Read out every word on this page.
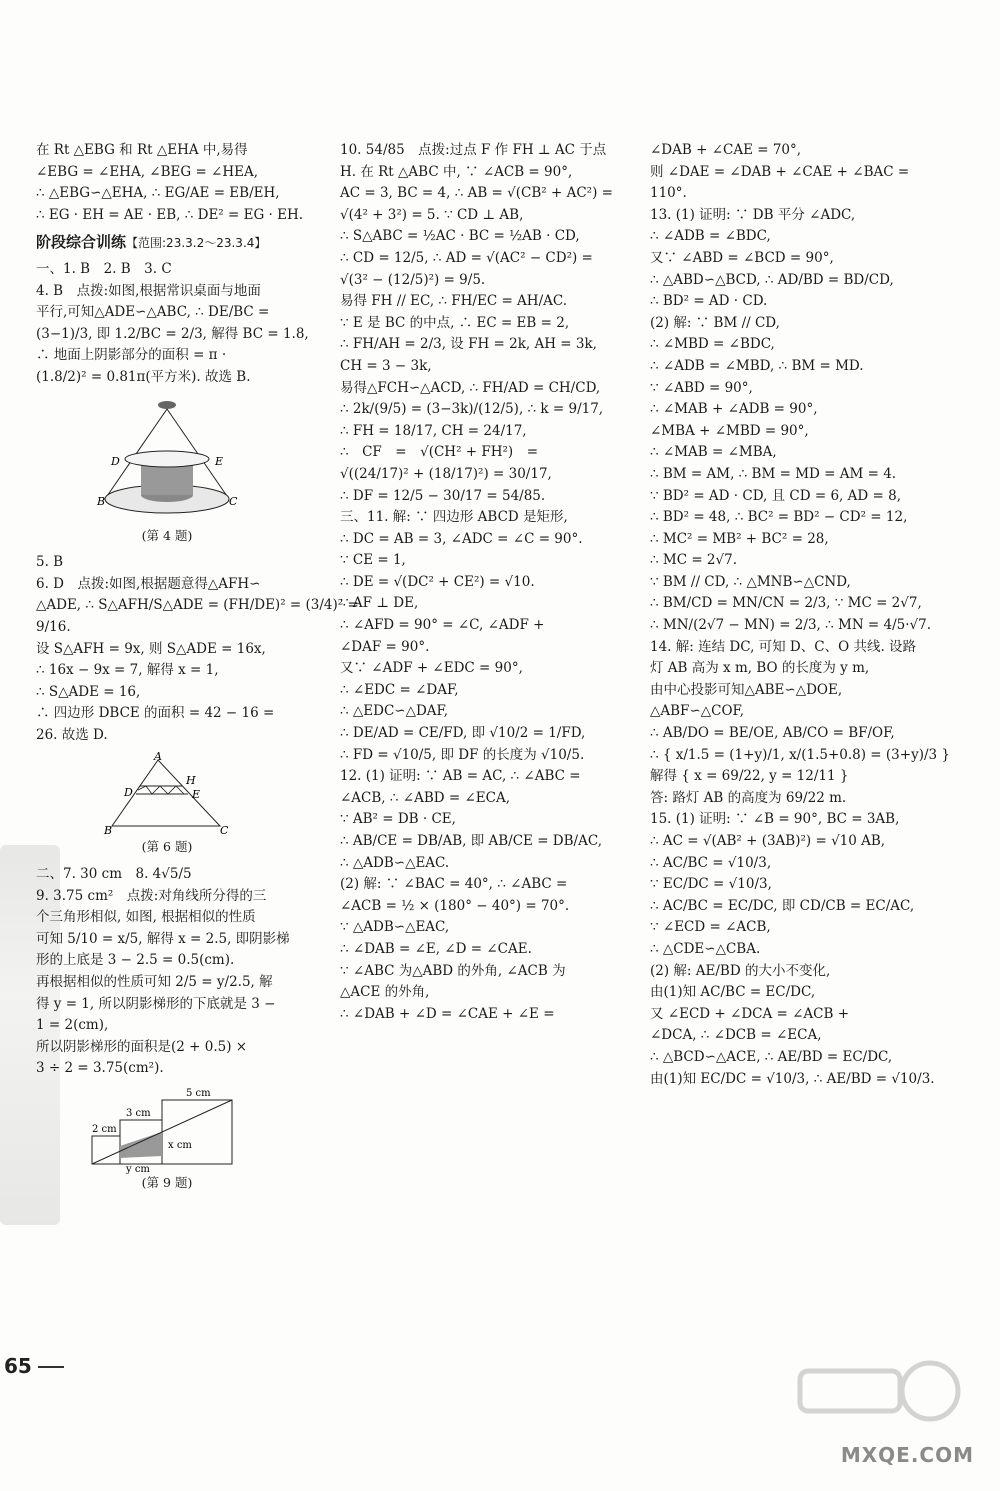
在 Rt △EBG 和 Rt △EHA 中,易得
∠EBG = ∠EHA, ∠BEG = ∠HEA,
∴ △EBG∽△EHA, ∴ EG/AE = EB/EH,
∴ EG · EH = AE · EB, ∴ DE² = EG · EH.
阶段综合训练【范围:23.3.2～23.3.4】
一、1. B　2. B　3. C
4. B　点拨:如图,根据常识桌面与地面
平行,可知△ADE∽△ABC, ∴ DE/BC =
(3−1)/3, 即 1.2/BC = 2/3, 解得 BC = 1.8,
∴ 地面上阴影部分的面积 = π ·
(1.8/2)² = 0.81π(平方米). 故选 B.
D	E
B	C
(第 4 题)
5. B
6. D　点拨:如图,根据题意得△AFH∽
△ADE, ∴ S△AFH/S△ADE = (FH/DE)² = (3/4)² =
9/16.
设 S△AFH = 9x, 则 S△ADE = 16x,
∴ 16x − 9x = 7, 解得 x = 1,
∴ S△ADE = 16,
∴ 四边形 DBCE 的面积 = 42 − 16 =
26. 故选 D.
A
H
D	E
B	C
(第 6 题)
二、7. 30 cm　8. 4√5/5
9. 3.75 cm²　点拨:对角线所分得的三
个三角形相似, 如图, 根据相似的性质
可知 5/10 = x/5, 解得 x = 2.5, 即阴影梯
形的上底是 3 − 2.5 = 0.5(cm).
再根据相似的性质可知 2/5 = y/2.5, 解
得 y = 1, 所以阴影梯形的下底就是 3 −
1 = 2(cm),
所以阴影梯形的面积是(2 + 0.5) ×
3 ÷ 2 = 3.75(cm²).
5 cm
3 cm
2 cm
x cm
y cm
(第 9 题)
10. 54/85　点拨:过点 F 作 FH ⊥ AC 于点
H. 在 Rt △ABC 中, ∵ ∠ACB = 90°,
AC = 3, BC = 4, ∴ AB = √(CB² + AC²) =
√(4² + 3²) = 5. ∵ CD ⊥ AB,
∴ S△ABC = ½AC · BC = ½AB · CD,
∴ CD = 12/5, ∴ AD = √(AC² − CD²) =
√(3² − (12/5)²) = 9/5.
易得 FH // EC, ∴ FH/EC = AH/AC.
∵ E 是 BC 的中点, ∴ EC = EB = 2,
∴ FH/AH = 2/3, 设 FH = 2k, AH = 3k,
CH = 3 − 3k,
易得△FCH∽△ACD, ∴ FH/AD = CH/CD,
∴ 2k/(9/5) = (3−3k)/(12/5), ∴ k = 9/17,
∴ FH = 18/17, CH = 24/17,
∴　CF　=　√(CH² + FH²)　=
√((24/17)² + (18/17)²) = 30/17,
∴ DF = 12/5 − 30/17 = 54/85.
三、11. 解: ∵ 四边形 ABCD 是矩形,
∴ DC = AB = 3, ∠ADC = ∠C = 90°.
∵ CE = 1,
∴ DE = √(DC² + CE²) = √10.
∵ AF ⊥ DE,
∴ ∠AFD = 90° = ∠C, ∠ADF +
∠DAF = 90°.
又∵ ∠ADF + ∠EDC = 90°,
∴ ∠EDC = ∠DAF,
∴ △EDC∽△DAF,
∴ DE/AD = CE/FD, 即 √10/2 = 1/FD,
∴ FD = √10/5, 即 DF 的长度为 √10/5.
12. (1) 证明: ∵ AB = AC, ∴ ∠ABC =
∠ACB, ∴ ∠ABD = ∠ECA,
∵ AB² = DB · CE,
∴ AB/CE = DB/AB, 即 AB/CE = DB/AC,
∴ △ADB∽△EAC.
(2) 解: ∵ ∠BAC = 40°, ∴ ∠ABC =
∠ACB = ½ × (180° − 40°) = 70°.
∵ △ADB∽△EAC,
∴ ∠DAB = ∠E, ∠D = ∠CAE.
∵ ∠ABC 为△ABD 的外角, ∠ACB 为
△ACE 的外角,
∴ ∠DAB + ∠D = ∠CAE + ∠E =
∠DAB + ∠CAE = 70°,
则 ∠DAE = ∠DAB + ∠CAE + ∠BAC =
110°.
13. (1) 证明: ∵ DB 平分 ∠ADC,
∴ ∠ADB = ∠BDC,
又∵ ∠ABD = ∠BCD = 90°,
∴ △ABD∽△BCD, ∴ AD/BD = BD/CD,
∴ BD² = AD · CD.
(2) 解: ∵ BM // CD,
∴ ∠MBD = ∠BDC,
∴ ∠ADB = ∠MBD, ∴ BM = MD.
∵ ∠ABD = 90°,
∴ ∠MAB + ∠ADB = 90°,
∠MBA + ∠MBD = 90°,
∴ ∠MAB = ∠MBA,
∴ BM = AM, ∴ BM = MD = AM = 4.
∵ BD² = AD · CD, 且 CD = 6, AD = 8,
∴ BD² = 48, ∴ BC² = BD² − CD² = 12,
∴ MC² = MB² + BC² = 28,
∴ MC = 2√7.
∵ BM // CD, ∴ △MNB∽△CND,
∴ BM/CD = MN/CN = 2/3, ∵ MC = 2√7,
∴ MN/(2√7 − MN) = 2/3, ∴ MN = 4/5·√7.
14. 解: 连结 DC, 可知 D、C、O 共线. 设路
灯 AB 高为 x m, BO 的长度为 y m,
由中心投影可知△ABE∽△DOE,
△ABF∽△COF,
∴ AB/DO = BE/OE, AB/CO = BF/OF,
∴ { x/1.5 = (1+y)/1, x/(1.5+0.8) = (3+y)/3 }
解得 { x = 69/22, y = 12/11 }
答: 路灯 AB 的高度为 69/22 m.
15. (1) 证明: ∵ ∠B = 90°, BC = 3AB,
∴ AC = √(AB² + (3AB)²) = √10 AB,
∴ AC/BC = √10/3,
∵ EC/DC = √10/3,
∴ AC/BC = EC/DC, 即 CD/CB = EC/AC,
∵ ∠ECD = ∠ACB,
∴ △CDE∽△CBA.
(2) 解: AE/BD 的大小不变化,
由(1)知 AC/BC = EC/DC,
又 ∠ECD + ∠DCA = ∠ACB +
∠DCA, ∴ ∠DCB = ∠ECA,
∴ △BCD∽△ACE, ∴ AE/BD = EC/DC,
由(1)知 EC/DC = √10/3, ∴ AE/BD = √10/3.
65
MXQE.COM
